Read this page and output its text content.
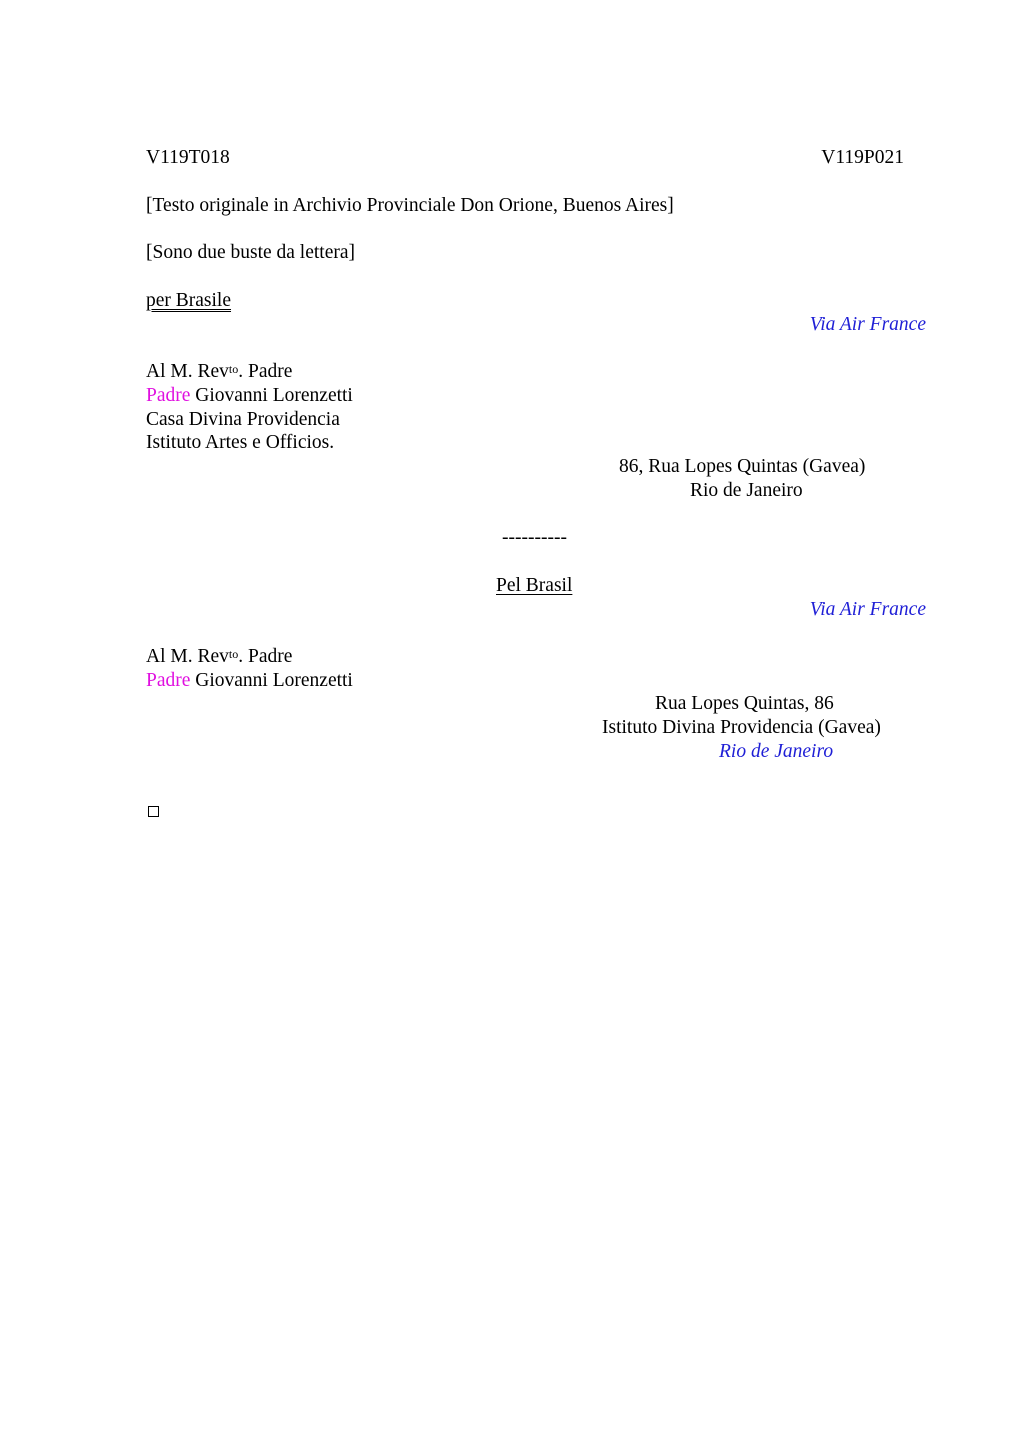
V119T018	V119P021
[Testo originale in Archivio Provinciale Don Orione, Buenos Aires]
[Sono due buste da lettera]
per Brasile
Via Air France
Al M. Rev$^{to}$. Padre
Padre Giovanni Lorenzetti
Casa Divina Providencia
Istituto Artes e Officios.
86, Rua Lopes Quintas (Gavea)
Rio de Janeiro
----------
Pel Brasil
Via Air France
Al M. Rev$^{to}$. Padre
Padre Giovanni Lorenzetti
Rua Lopes Quintas, 86
Istituto Divina Providencia (Gavea)
Rio de Janeiro
